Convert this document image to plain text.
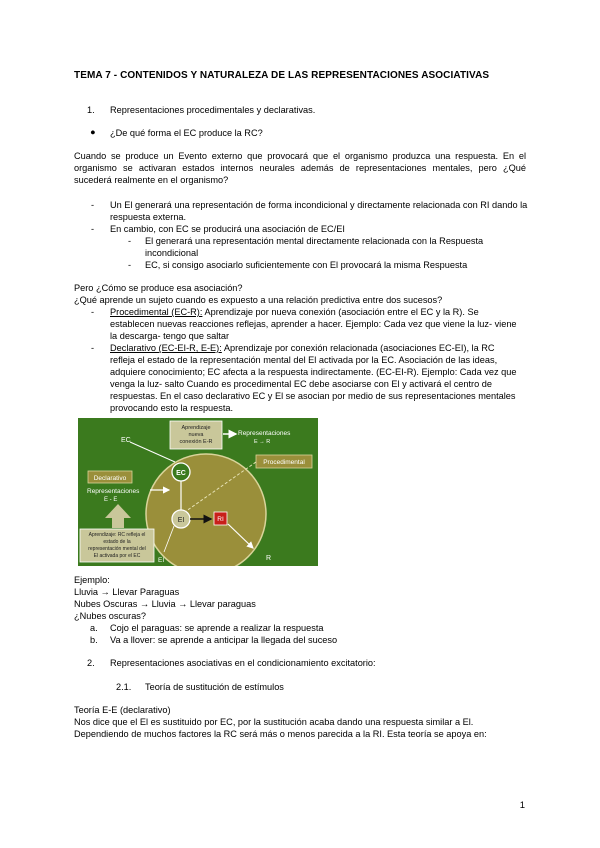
TEMA 7 - CONTENIDOS Y NATURALEZA DE LAS REPRESENTACIONES ASOCIATIVAS
1. Representaciones procedimentales y declarativas.
● ¿De qué forma el EC produce la RC?
Cuando se produce un Evento externo que provocará que el organismo produzca una respuesta. En el organismo se activaran estados internos neurales además de representaciones mentales, pero ¿Qué sucederá realmente en el organismo?
- Un El generará una representación de forma incondicional y directamente relacionada con RI dando la
respuesta externa.
- En cambio, con EC se producirá una asociación de EC/EI
- El generará una representación mental directamente relacionada con la Respuesta
incondicional
- EC, si consigo asociarlo suficientemente con El provocará la misma Respuesta
Pero ¿Cómo se produce esa asociación?
¿Qué aprende un sujeto cuando es expuesto a una relación predictiva entre dos sucesos?
- Procedimental (EC-R): Aprendizaje por nueva conexión (asociación entre el EC y la R). Se
establecen nuevas reacciones reflejas, aprender a hacer. Ejemplo: Cada vez que viene la luz- viene
la descarga- tengo que saltar
- Declarativo (EC-EI-R, E-E): Aprendizaje por conexión relacionada (asociaciones EC-EI), la RC
refleja el estado de la representación mental del El activada por la EC. Asociación de las ideas,
adquiere conocimiento; EC afecta a la respuesta indirectamente. (EC-EI-R). Ejemplo: Cada vez que
venga la luz- salto Cuando es procedimental EC debe asociarse con El y activará el centro de
respuestas. En el caso declarativo EC y El se asocian por medio de sus representaciones mentales
provocando esto la respuesta.
Aprendizaje
nueva
conexión E-R
Representaciones
E → R
EC
Procedimental
Declarativo
Representaciones
E - E
EC
EI	RI
R
Aprendizaje: RC refleja el
estado de la
representación mental del
El activada por el EC
EI
Ejemplo:
Lluvia → Llevar Paraguas
Nubes Oscuras → Lluvia → Llevar paraguas
¿Nubes oscuras?
a. Cojo el paraguas: se aprende a realizar la respuesta
b. Va a llover: se aprende a anticipar la llegada del suceso
2. Representaciones asociativas en el condicionamiento excitatorio:
2.1. Teoría de sustitución de estímulos
Teoría E-E (declarativo)
Nos dice que el El es sustituido por EC, por la sustitución acaba dando una respuesta similar a El.
Dependiendo de muchos factores la RC será más o menos parecida a la RI. Esta teoría se apoya en:
1
